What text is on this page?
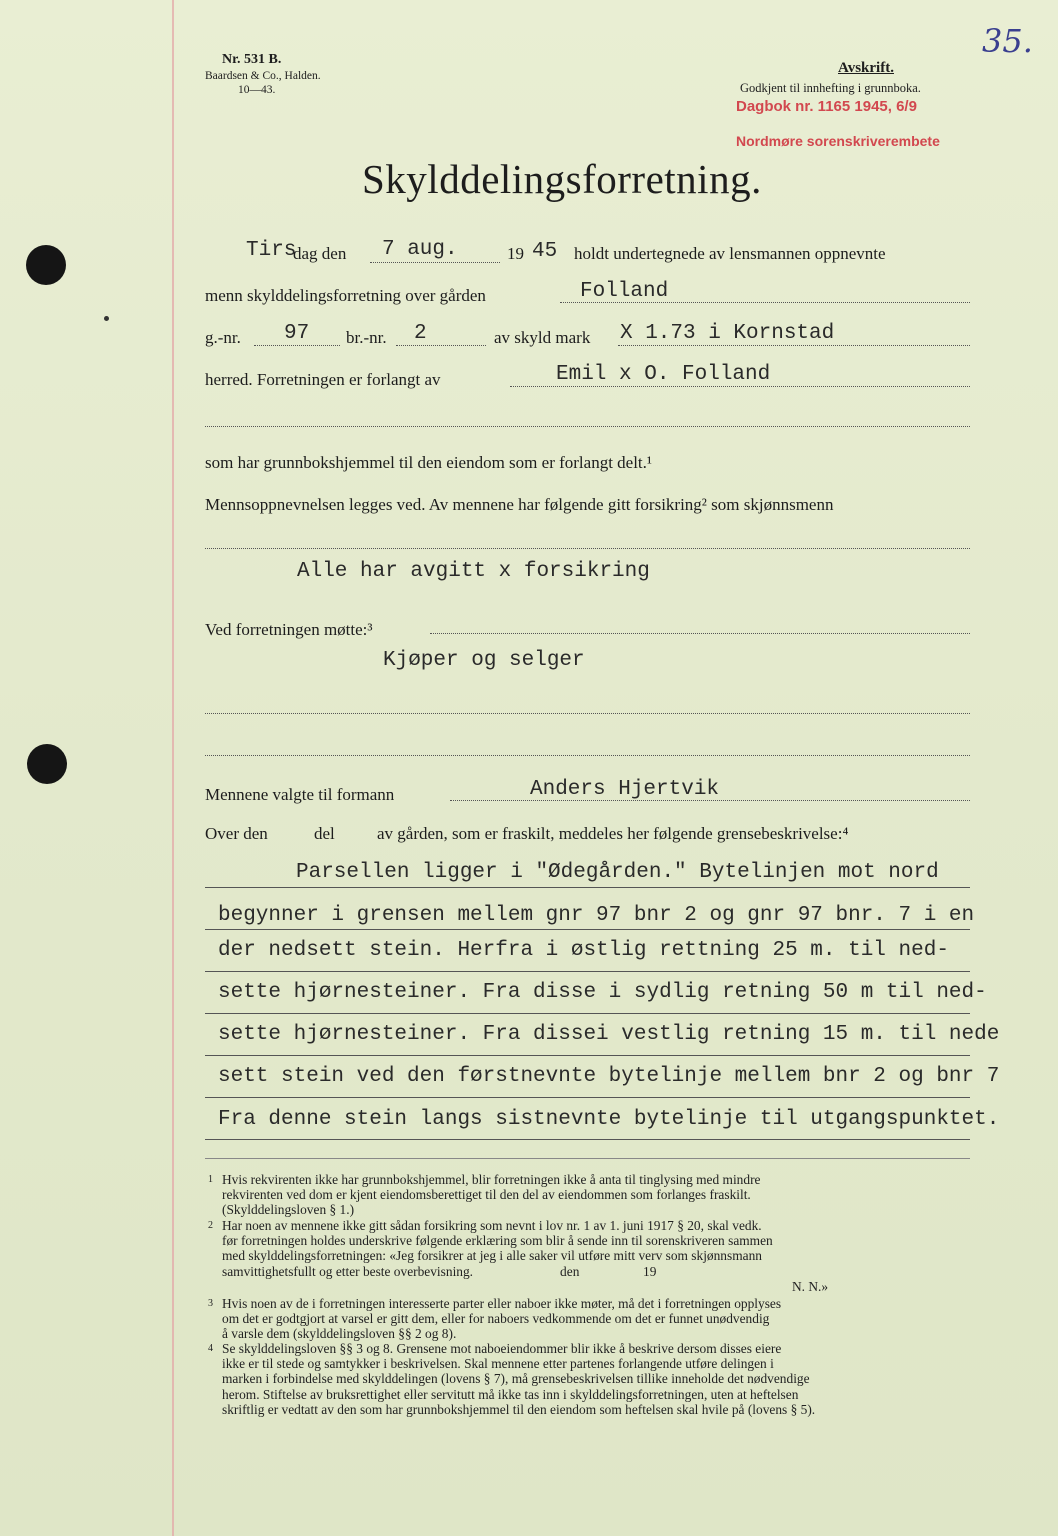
Nr. 531 B.
Baardsen & Co., Halden.
10—43.
Avskrift.
Godkjent til innhefting i grunnboka.
Dagbok nr. 1165 1945, 6/9
Nordmøre sorenskriverembete
35.
Skylddelingsforretning.
Tirs
dag den 7 aug.	19 45 holdt undertegnede av lensmannen oppnevnte
menn skylddelingsforretning over gården	Folland
g.-nr. 97 br.-nr. 2	av skyld mark X 1.73 i Kornstad
herred. Forretningen er forlangt av	Emil x O. Folland
som har grunnbokshjemmel til den eiendom som er forlangt delt.¹
Mennsoppnevnelsen legges ved. Av mennene har følgende gitt forsikring² som skjønnsmenn
Alle har avgitt x forsikring
Ved forretningen møtte:³
Kjøper og selger
Mennene valgte til formann	Anders Hjertvik
Over den	del av gården, som er fraskilt, meddeles her følgende grensebeskrivelse:⁴
Parsellen ligger i "Ødegården." Bytelinjen mot nord
begynner i grensen mellem gnr 97 bnr 2 og gnr 97 bnr. 7 i en
der nedsett stein. Herfra i østlig rettning 25 m. til ned-
sette hjørnesteiner. Fra disse i sydlig retning 50 m til ned-
sette hjørnesteiner. Fra dissei vestlig retning 15 m. til nede
sett stein ved den førstnevnte bytelinje mellem bnr 2 og bnr 7
Fra denne stein langs sistnevnte bytelinje til utgangspunktet.
1 Hvis rekvirenten ikke har grunnbokshjemmel, blir forretningen ikke å anta til tinglysing med mindre
rekvirenten ved dom er kjent eiendomsberettiget til den del av eiendommen som forlanges fraskilt.
(Skylddelingsloven § 1.)
2 Har noen av mennene ikke gitt sådan forsikring som nevnt i lov nr. 1 av 1. juni 1917 § 20, skal vedk.
før forretningen holdes underskrive følgende erklæring som blir å sende inn til sorenskriveren sammen
med skylddelingsforretningen: «Jeg forsikrer at jeg i alle saker vil utføre mitt verv som skjønnsmann
samvittighetsfullt og etter beste overbevisning.                          den                   19
N. N.»
3 Hvis noen av de i forretningen interesserte parter eller naboer ikke møter, må det i forretningen opplyses
om det er godtgjort at varsel er gitt dem, eller for naboers vedkommende om det er funnet unødvendig
å varsle dem (skylddelingsloven §§ 2 og 8).
4 Se skylddelingsloven §§ 3 og 8. Grensene mot naboeiendommer blir ikke å beskrive dersom disses eiere
ikke er til stede og samtykker i beskrivelsen. Skal mennene etter partenes forlangende utføre delingen i
marken i forbindelse med skylddelingen (lovens § 7), må grensebeskrivelsen tillike inneholde det nødvendige
herom. Stiftelse av bruksrettighet eller servitutt må ikke tas inn i skylddelingsforretningen, uten at heftelsen
skriftlig er vedtatt av den som har grunnbokshjemmel til den eiendom som heftelsen skal hvile på (lovens § 5).
